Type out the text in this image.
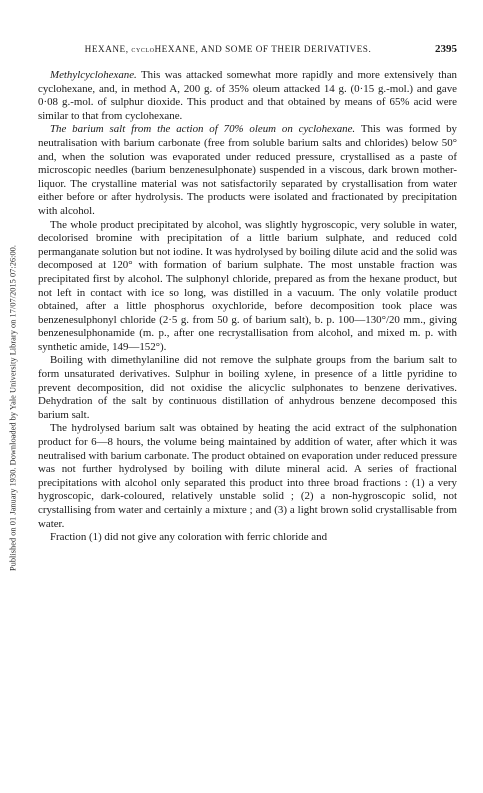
Published on 01 January 1930. Downloaded by Yale University Library on 17/07/2015 07:26:00.
HEXANE, cycloHEXANE, AND SOME OF THEIR DERIVATIVES.	2395

Methylcyclohexane. This was attacked somewhat more rapidly and more extensively than cyclohexane, and, in method A, 200 g. of 35% oleum attacked 14 g. (0·15 g.-mol.) and gave 0·08 g.-mol. of sulphur dioxide. This product and that obtained by means of 65% acid were similar to that from cyclohexane.

The barium salt from the action of 70% oleum on cyclohexane. This was formed by neutralisation with barium carbonate (free from soluble barium salts and chlorides) below 50° and, when the solution was evaporated under reduced pressure, crystallised as a paste of microscopic needles (barium benzenesulphonate) suspended in a viscous, dark brown mother-liquor. The crystalline material was not satisfactorily separated by crystallisation from water either before or after hydrolysis. The products were isolated and fractionated by precipitation with alcohol.

The whole product precipitated by alcohol, was slightly hygroscopic, very soluble in water, decolorised bromine with precipitation of a little barium sulphate, and reduced cold permanganate solution but not iodine. It was hydrolysed by boiling dilute acid and the solid was decomposed at 120° with formation of barium sulphate. The most unstable fraction was precipitated first by alcohol. The sulphonyl chloride, prepared as from the hexane product, but not left in contact with ice so long, was distilled in a vacuum. The only volatile product obtained, after a little phosphorus oxychloride, before decomposition took place was benzenesulphonyl chloride (2·5 g. from 50 g. of barium salt), b. p. 100—130°/20 mm., giving benzenesulphonamide (m. p., after one recrystallisation from alcohol, and mixed m. p. with synthetic amide, 149—152°).

Boiling with dimethylaniline did not remove the sulphate groups from the barium salt to form unsaturated derivatives. Sulphur in boiling xylene, in presence of a little pyridine to prevent decomposition, did not oxidise the alicyclic sulphonates to benzene derivatives. Dehydration of the salt by continuous distillation of anhydrous benzene decomposed this barium salt.

The hydrolysed barium salt was obtained by heating the acid extract of the sulphonation product for 6—8 hours, the volume being maintained by addition of water, after which it was neutralised with barium carbonate. The product obtained on evaporation under reduced pressure was not further hydrolysed by boiling with dilute mineral acid. A series of fractional precipitations with alcohol only separated this product into three broad fractions : (1) a very hygroscopic, dark-coloured, relatively unstable solid ; (2) a non-hygroscopic solid, not crystallising from water and certainly a mixture ; and (3) a light brown solid crystallisable from water.

Fraction (1) did not give any coloration with ferric chloride and
